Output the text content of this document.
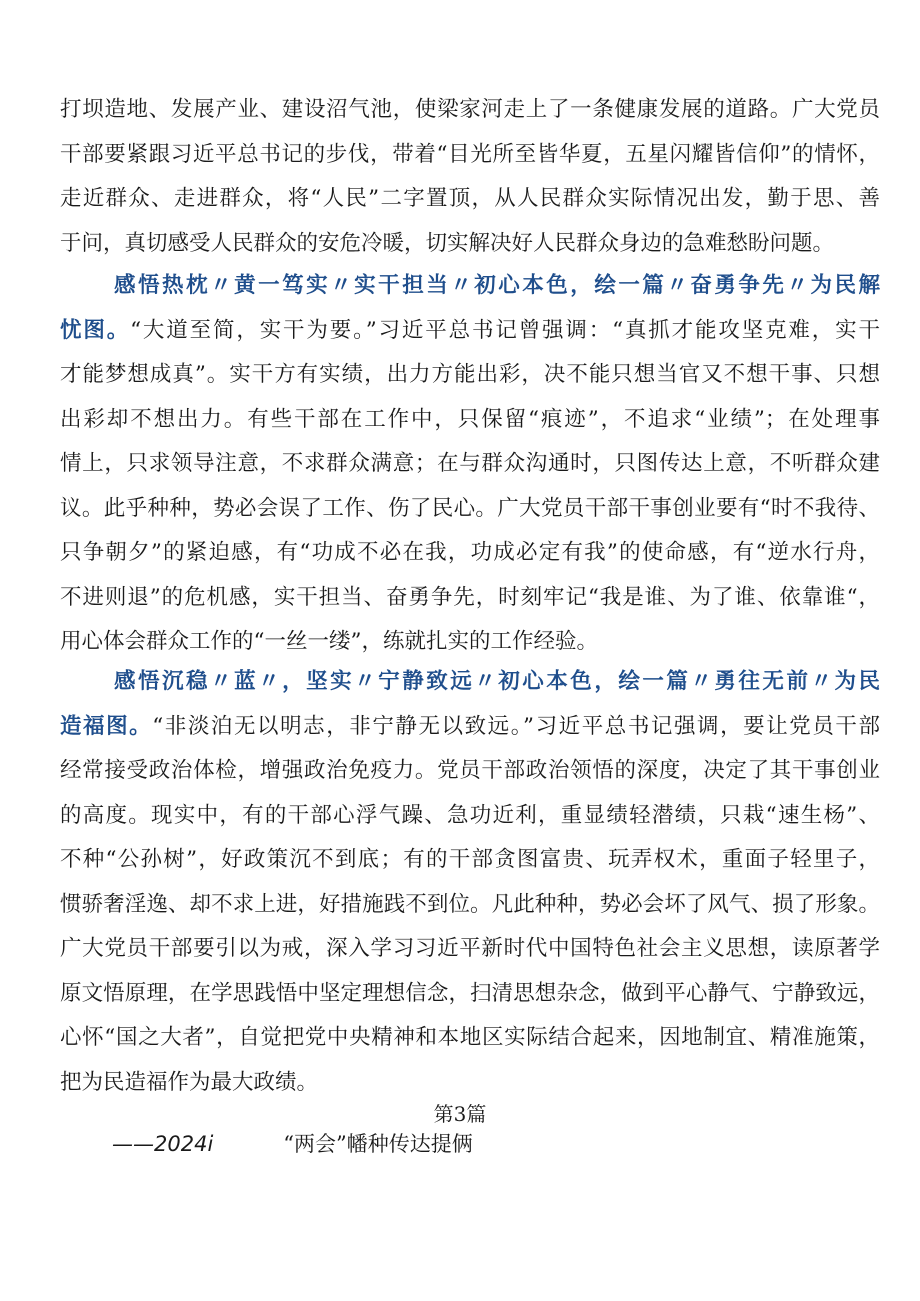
打坝造地、发展产业、建设沼气池，使梁家河走上了一条健康发展的道路。广大党员
干部要紧跟习近平总书记的步伐，带着“目光所至皆华夏，五星闪耀皆信仰”的情怀，
走近群众、走进群众，将“人民”二字置顶，从人民群众实际情况出发，勤于思、善
于问，真切感受人民群众的安危冷暖，切实解决好人民群众身边的急难愁盼问题。
感悟热枕〃黄一笃实〃实干担当〃初心本色，绘一篇〃奋勇争先〃为民解
忧图。“大道至简，实干为要。”习近平总书记曾强调：“真抓才能攻坚克难，实干
才能梦想成真”。实干方有实绩，出力方能出彩，决不能只想当官又不想干事、只想
出彩却不想出力。有些干部在工作中，只保留“痕迹”，不追求“业绩”；在处理事
情上，只求领导注意，不求群众满意；在与群众沟通时，只图传达上意，不听群众建
议。此乎种种，势必会误了工作、伤了民心。广大党员干部干事创业要有“时不我待、
只争朝夕”的紧迫感，有“功成不必在我，功成必定有我”的使命感，有“逆水行舟，
不进则退”的危机感，实干担当、奋勇争先，时刻牢记“我是谁、为了谁、依靠谁“，
用心体会群众工作的“一丝一缕”，练就扎实的工作经验。
感悟沉稳〃蓝〃，坚实〃宁静致远〃初心本色，绘一篇〃勇往无前〃为民
造福图。“非淡泊无以明志，非宁静无以致远。”习近平总书记强调，要让党员干部
经常接受政治体检，增强政治免疫力。党员干部政治领悟的深度，决定了其干事创业
的高度。现实中，有的干部心浮气躁、急功近利，重显绩轻潜绩，只栽“速生杨”、
不种“公孙树”，好政策沉不到底；有的干部贪图富贵、玩弄权术，重面子轻里子，
惯骄奢淫逸、却不求上进，好措施践不到位。凡此种种，势必会坏了风气、损了形象。
广大党员干部要引以为戒，深入学习习近平新时代中国特色社会主义思想，读原著学
原文悟原理，在学思践悟中坚定理想信念，扫清思想杂念，做到平心静气、宁静致远，
心怀“国之大者”，自觉把党中央精神和本地区实际结合起来，因地制宜、精准施策，
把为民造福作为最大政绩。
第3篇
——2024i	“两会”幡种传达提俩
